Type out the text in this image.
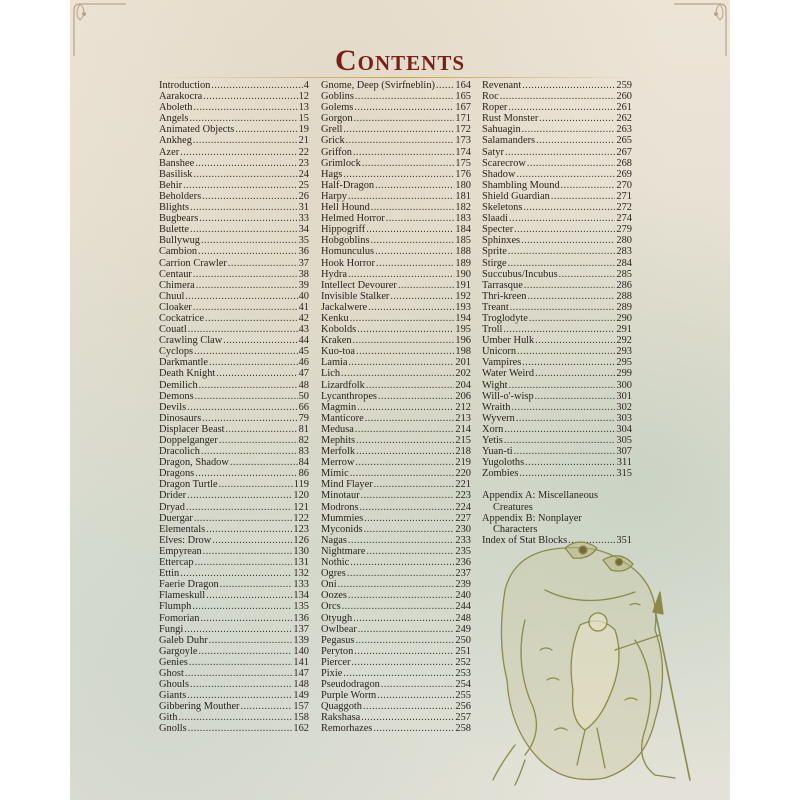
Contents
Introduction .....	4
Aarakocra .....	12
Aboleth .....	13
Angels .....	15
Animated Objects .....	19
Ankheg .....	21
Azer .....	22
Banshee .....	23
Basilisk .....	24
Behir .....	25
Beholders .....	26
Blights .....	31
Bugbears .....	33
Bulette .....	34
Bullywug .....	35
Cambion .....	36
Carrion Crawler .....	37
Centaur .....	38
Chimera .....	39
Chuul .....	40
Cloaker .....	41
Cockatrice .....	42
Couatl .....	43
Crawling Claw .....	44
Cyclops .....	45
Darkmantle .....	46
Death Knight .....	47
Demilich .....	48
Demons .....	50
Devils .....	66
Dinosaurs .....	79
Displacer Beast .....	81
Doppelganger .....	82
Dracolich .....	83
Dragon, Shadow .....	84
Dragons .....	86
Dragon Turtle .....	119
Drider .....	120
Dryad .....	121
Duergar .....	122
Elementals .....	123
Elves: Drow .....	126
Empyrean .....	130
Ettercap .....	131
Ettin .....	132
Faerie Dragon .....	133
Flameskull .....	134
Flumph .....	135
Fomorian .....	136
Fungi .....	137
Galeb Duhr .....	139
Gargoyle .....	140
Genies .....	141
Ghost .....	147
Ghouls .....	148
Giants .....	149
Gibbering Mouther .....	157
Gith .....	158
Gnolls .....	162
Gnome, Deep (Svirfneblin) ..... 164
Goblins .....	165
Golems .....	167
Gorgon .....	171
Grell .....	172
Grick .....	173
Griffon .....	174
Grimlock .....	175
Hags .....	176
Half-Dragon .....	180
Harpy .....	181
Hell Hound .....	182
Helmed Horror .....	183
Hippogriff .....	184
Hobgoblins .....	185
Homunculus .....	188
Hook Horror .....	189
Hydra .....	190
Intellect Devourer .....	191
Invisible Stalker .....	192
Jackalwere .....	193
Kenku .....	194
Kobolds .....	195
Kraken .....	196
Kuo-toa .....	198
Lamia .....	201
Lich .....	202
Lizardfolk .....	204
Lycanthropes .....	206
Magmin .....	212
Manticore .....	213
Medusa .....	214
Mephits .....	215
Merfolk .....	218
Merrow .....	219
Mimic .....	220
Mind Flayer .....	221
Minotaur .....	223
Modrons .....	224
Mummies .....	227
Myconids .....	230
Nagas .....	233
Nightmare .....	235
Nothic .....	236
Ogres .....	237
Oni .....	239
Oozes .....	240
Orcs .....	244
Otyugh .....	248
Owlbear .....	249
Pegasus .....	250
Peryton .....	251
Piercer .....	252
Pixie .....	253
Pseudodragon .....	254
Purple Worm .....	255
Quaggoth .....	256
Rakshasa .....	257
Remorhazes .....	258
Revenant .....	259
Roc .....	260
Roper .....	261
Rust Monster .....	262
Sahuagin .....	263
Salamanders .....	265
Satyr .....	267
Scarecrow .....	268
Shadow .....	269
Shambling Mound .....	270
Shield Guardian .....	271
Skeletons .....	272
Slaadi .....	274
Specter .....	279
Sphinxes .....	280
Sprite .....	283
Stirge .....	284
Succubus/Incubus .....	285
Tarrasque .....	286
Thri-kreen .....	288
Treant .....	289
Troglodyte .....	290
Troll .....	291
Umber Hulk .....	292
Unicorn .....	293
Vampires .....	295
Water Weird .....	299
Wight .....	300
Will-o'-wisp .....	301
Wraith .....	302
Wyvern .....	303
Xorn .....	304
Yetis .....	305
Yuan-ti .....	307
Yugoloths .....	311
Zombies .....	315
Appendix A: Miscellaneous
Creatures
Appendix B: Nonplayer
Characters
Index of Stat Blocks .....	351
